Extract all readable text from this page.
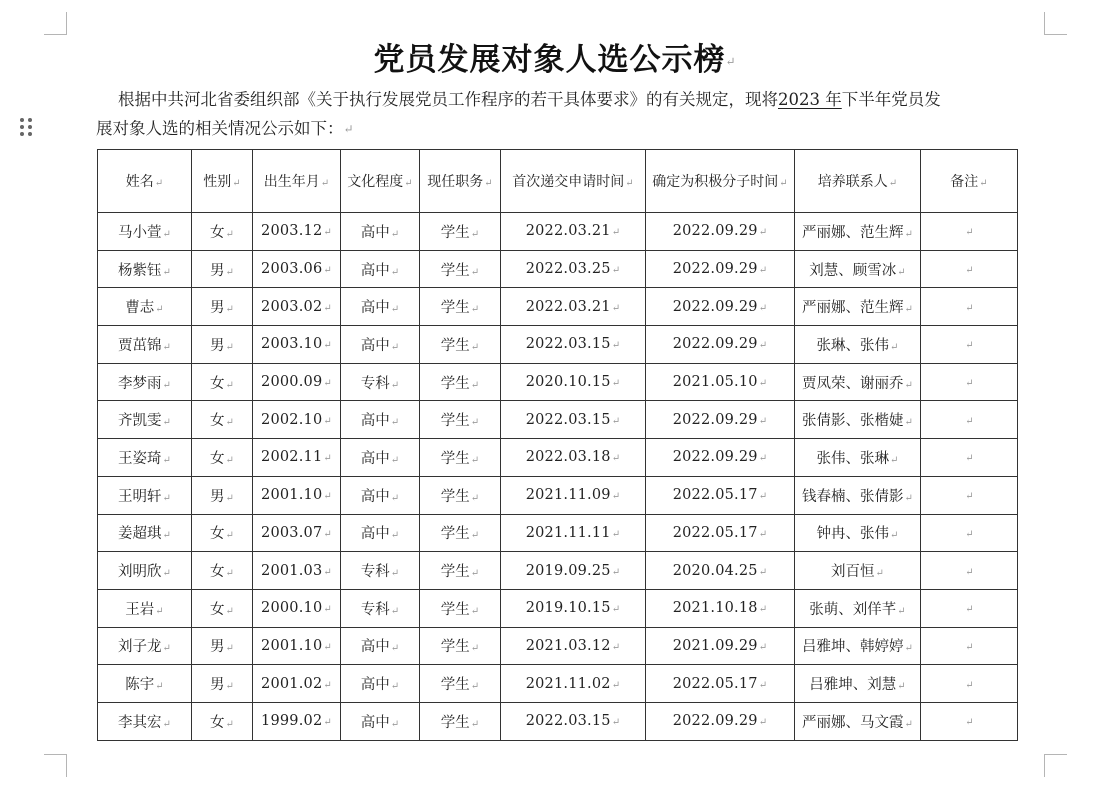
党员发展对象人选公示榜↵
根据中共河北省委组织部《关于执行发展党员工作程序的若干具体要求》的有关规定，现将2023 年下半年党员发
展对象人选的相关情况公示如下：↵
姓名↵	性别↵	出生年月↵	文化程度↵	现任职务↵	首次递交申请时间↵	确定为积极分子时间↵	培养联系人↵	备注↵
马小萱↵	女↵	2003.12↵	高中↵	学生↵	2022.03.21↵	2022.09.29↵	严丽娜、范生辉↵	↵
杨紫钰↵	男↵	2003.06↵	高中↵	学生↵	2022.03.25↵	2022.09.29↵	刘慧、顾雪冰↵	↵
曹志↵	男↵	2003.02↵	高中↵	学生↵	2022.03.21↵	2022.09.29↵	严丽娜、范生辉↵	↵
贾茁锦↵	男↵	2003.10↵	高中↵	学生↵	2022.03.15↵	2022.09.29↵	张琳、张伟↵	↵
李梦雨↵	女↵	2000.09↵	专科↵	学生↵	2020.10.15↵	2021.05.10↵	贾凤荣、谢丽乔↵	↵
齐凯雯↵	女↵	2002.10↵	高中↵	学生↵	2022.03.15↵	2022.09.29↵	张倩影、张楷婕↵	↵
王姿琦↵	女↵	2002.11↵	高中↵	学生↵	2022.03.18↵	2022.09.29↵	张伟、张琳↵	↵
王明轩↵	男↵	2001.10↵	高中↵	学生↵	2021.11.09↵	2022.05.17↵	钱春楠、张倩影↵	↵
姜超琪↵	女↵	2003.07↵	高中↵	学生↵	2021.11.11↵	2022.05.17↵	钟冉、张伟↵	↵
刘明欣↵	女↵	2001.03↵	专科↵	学生↵	2019.09.25↵	2020.04.25↵	刘百恒↵	↵
王岩↵	女↵	2000.10↵	专科↵	学生↵	2019.10.15↵	2021.10.18↵	张萌、刘佯芊↵	↵
刘子龙↵	男↵	2001.10↵	高中↵	学生↵	2021.03.12↵	2021.09.29↵	吕雅坤、韩婷婷↵	↵
陈宇↵	男↵	2001.02↵	高中↵	学生↵	2021.11.02↵	2022.05.17↵	吕雅坤、刘慧↵	↵
李其宏↵	女↵	1999.02↵	高中↵	学生↵	2022.03.15↵	2022.09.29↵	严丽娜、马文霞↵	↵
